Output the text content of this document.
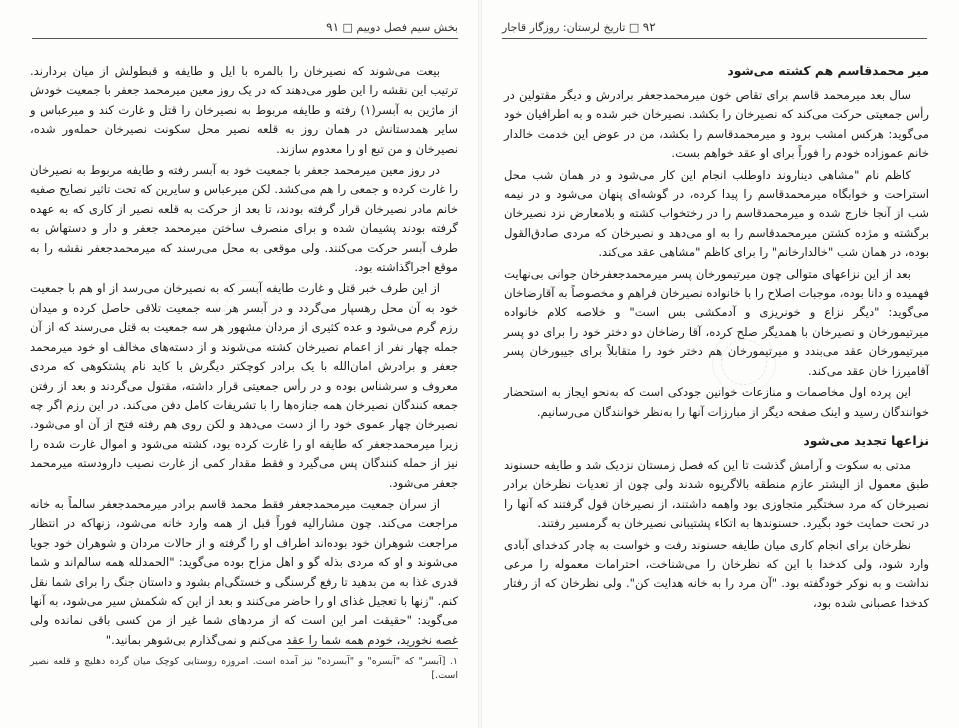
بخش سیم فصل دوییم □ ۹۱

بیعت می‌شوند که نصیرخان را بالمره با ایل و طایفه و قبطولش از میان بردارند. ترتیب این نقشه را این طور می‌دهند که در یک روز معین میرمحمد جعفر با جمعیت خودش از ماژین به آبسر(۱) رفته و طایفه مربوط به نصیرخان را قتل و غارت کند و میرعباس و سایر همدستانش در همان روز به قلعه نصیر محل سکونت نصیرخان حمله‌ور شده، نصیرخان و من تبع او را معدوم سازند.

در روز معین میرمحمد جعفر با جمعیت خود به آبسر رفته و طایفه مربوط به نصیرخان را غارت کرده و جمعی را هم می‌کشد. لکن میرعباس و سایرین که تحت تاثیر نصایح صفیه خانم مادر نصیرخان قرار گرفته بودند، تا بعد از حرکت به قلعه نصیر از کاری که به عهده گرفته بودند پشیمان شده و برای منصرف ساختن میرمحمد جعفر و دار و دستهاش به طرف آبسر حرکت می‌کنند. ولی موقعی به محل می‌رسند که میرمحمدجعفر نقشه را به موقع اجراگذاشته بود.

از این طرف خبر قتل و غارت طایفه آبسر که به نصیرخان می‌رسد از او هم با جمعیت خود به آن محل رهسپار می‌گردد و در آبسر هر سه جمعیت تلاقی حاصل کرده و میدان رزم گرم می‌شود و عده کثیری از مردان مشهور هر سه جمعیت به قتل می‌رسند که از آن جمله چهار نفر از اعمام نصیرخان کشته می‌شوند و از دسته‌های مخالف او خود میرمحمد جعفر و برادرش امان‌الله با یک برادر کوچکتر دیگرش با کاید نام پشتکوهی که مردی معروف و سرشناس بوده و در رأس جمعیتی قرار داشته، مقتول می‌گردند و بعد از رفتن جمعه کنندگان نصیرخان همه جنازه‌ها را با تشریفات کامل دفن می‌کند. در این رزم اگر چه نصیرخان چهار عموی خود را از دست می‌دهد و لکن روی هم رفته فتح از آن او می‌شود. زیرا میرمحمدجعفر که طایفه او را غارت کرده بود، کشته می‌شود و اموال غارت شده را نیز از حمله کنندگان پس می‌گیرد و فقط مقدار کمی از غارت نصیب دارودسته میرمحمد جعفر می‌شود.

از سران جمعیت میرمحمدجعفر فقط محمد قاسم برادر میرمحمدجعفر سالماً به خانه مراجعت می‌کند. چون مشارالیه فوراً قبل از همه وارد خانه می‌شود، زنهاکه در انتظار مراجعت شوهران خود بوده‌اند اطراف او را گرفته و از حالات مردان و شوهران خود جویا می‌شوند و او که مردی بذله گو و اهل مزاح بوده می‌گوید: "الحمدلله همه سالم‌اند و شما قدری غذا به من بدهید تا رفع گرسنگی و خستگی‌ام بشود و داستان جنگ را برای شما نقل کنم. "زنها با تعجیل غذای او را حاضر می‌کنند و بعد از این که شکمش سیر می‌شود، به آنها می‌گوید: "حقیقت امر این است که از مردهای شما غیر از من کسی باقی نمانده ولی غصه نخورید، خودم همه شما را عقد می‌کنم و نمی‌گذارم بی‌شوهر بمانید."

۱. [آبسر" که "آبسره" و "آبسرده" نیز آمده است. امروزه روستایی کوچک میان گرده دهلیچ و قلعه نصیر است.]
۹۲ □ تاریخ لرستان: روزگار قاجار
میر محمدقاسم هم کشته می‌شود

سال بعد میرمحمد قاسم برای تقاص خون میرمحمدجعفر برادرش و دیگر مقتولین در رأس جمعیتی حرکت می‌کند که نصیرخان را بکشد. نصیرخان خبر شده و به اطرافیان خود می‌گوید: هرکس امشب برود و میرمحمدقاسم را بکشد، من در عوض این خدمت خالدار خانم عموزاده خودم را فوراً برای او عقد خواهم بست.

کاظم نام "مشاهی دیناروند داوطلب انجام این کار می‌شود و در همان شب محل استراحت و خوابگاه میرمحمدقاسم را پیدا کرده، در گوشه‌ای پنهان می‌شود و در نیمه شب از آنجا خارج شده و میرمحمدقاسم را در رختخواب کشته و بلامعارض نزد نصیرخان برگشته و مژده کشتن میرمحمدقاسم را به او می‌دهد و نصیرخان که مردی صادق‌القول بوده، در همان شب "خالدارخانم" را برای کاظم "مشاهی عقد می‌کند.

بعد از این نزاعهای متوالی چون میرتیمورخان پسر میرمحمدجعفرخان جوانی بی‌نهایت فهمیده و دانا بوده، موجبات اصلاح را با خانواده نصیرخان فراهم و مخصوصاً به آقارضاخان می‌گوید: "دیگر نزاع و خونریزی و آدمکشی بس است" و خلاصه کلام خانواده میرتیمورخان و نصیرخان با همدیگر صلح کرده، آقا رضاخان دو دختر خود را برای دو پسر میرتیمورخان عقد می‌بندد و میرتیمورخان هم دختر خود را متقابلاً برای جیبورخان پسر آقامیرزا خان عقد می‌کند.

این پرده اول مخاصمات و منازعات خوانین جودکی است که به‌نحو ایجاز به استحضار خوانندگان رسید و اینک صفحه دیگر از مبارزات آنها را به‌نظر خوانندگان می‌رسانیم.

نزاعها تجدید می‌شود

مدتی به سکوت و آرامش گذشت تا این که فصل زمستان نزدیک شد و طایفه حسنوند طبق معمول از الیشتر عازم منطقه بالاگریوه شدند ولی چون از تعدیات نظرخان برادر نصیرخان که مرد سختگیر متجاوزی بود واهمه داشتند، از نصیرخان قول گرفتند که آنها را در تحت حمایت خود بگیرد. حسنوندها به اتکاء پشتیبانی نصیرخان به گرمسیر رفتند.

نظرخان برای انجام کاری میان طایفه حسنوند رفت و خواست به چادر کدخدای آبادی وارد شود، ولی کدخدا با این که نظرخان را می‌شناخت، احترامات معموله را مرعی نداشت و به نوکر خودگفته بود. "آن مرد را به خانه هدایت کن". ولی نظرخان که از رفتار کدخدا عصبانی شده بود،
